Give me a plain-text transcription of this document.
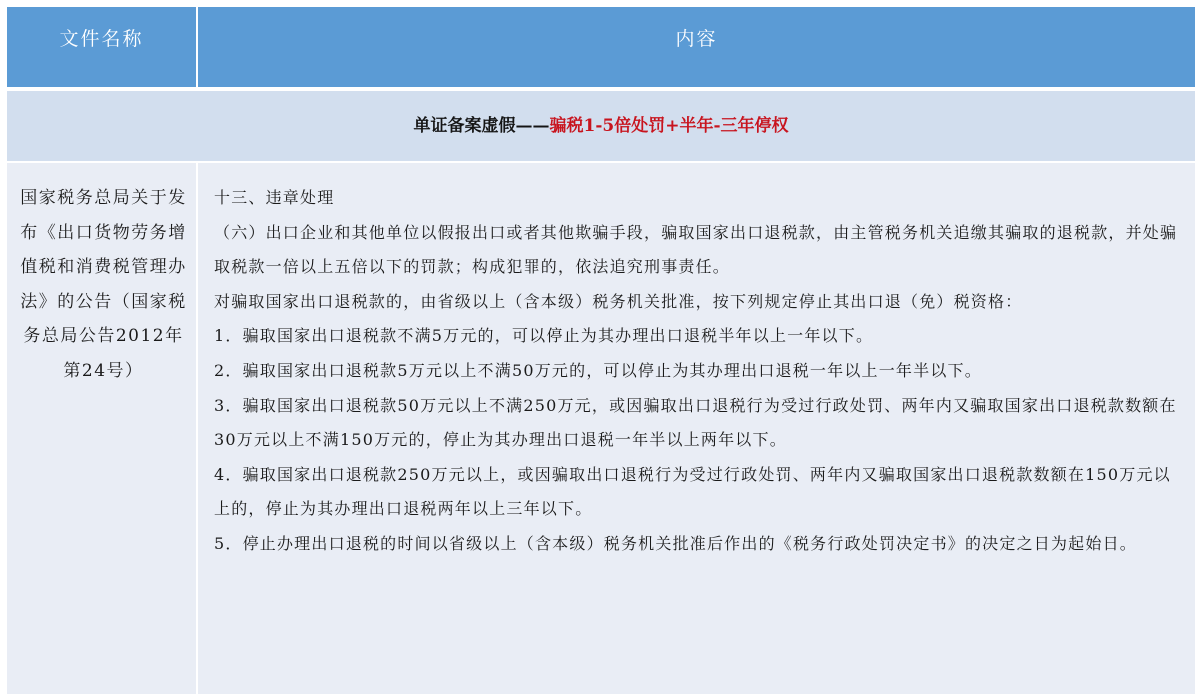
文件名称	内容
单证备案虚假—— 骗税1-5倍处罚+半年-三年停权
国家税务总局关于发布《出口货物劳务增值税和消费税管理办法》的公告（国家税务总局公告2012年第24号）

十三、违章处理

（六）出口企业和其他单位以假报出口或者其他欺骗手段，骗取国家出口退税款，由主管税务机关追缴其骗取的退税款，并处骗取税款一倍以上五倍以下的罚款；构成犯罪的，依法追究刑事责任。

对骗取国家出口退税款的，由省级以上（含本级）税务机关批准，按下列规定停止其出口退（免）税资格：

1．骗取国家出口退税款不满5万元的，可以停止为其办理出口退税半年以上一年以下。

2．骗取国家出口退税款5万元以上不满50万元的，可以停止为其办理出口退税一年以上一年半以下。

3．骗取国家出口退税款50万元以上不满250万元，或因骗取出口退税行为受过行政处罚、两年内又骗取国家出口退税款数额在30万元以上不满150万元的，停止为其办理出口退税一年半以上两年以下。

4．骗取国家出口退税款250万元以上，或因骗取出口退税行为受过行政处罚、两年内又骗取国家出口退税款数额在150万元以上的，停止为其办理出口退税两年以上三年以下。

5．停止办理出口退税的时间以省级以上（含本级）税务机关批准后作出的《税务行政处罚决定书》的决定之日为起始日。
